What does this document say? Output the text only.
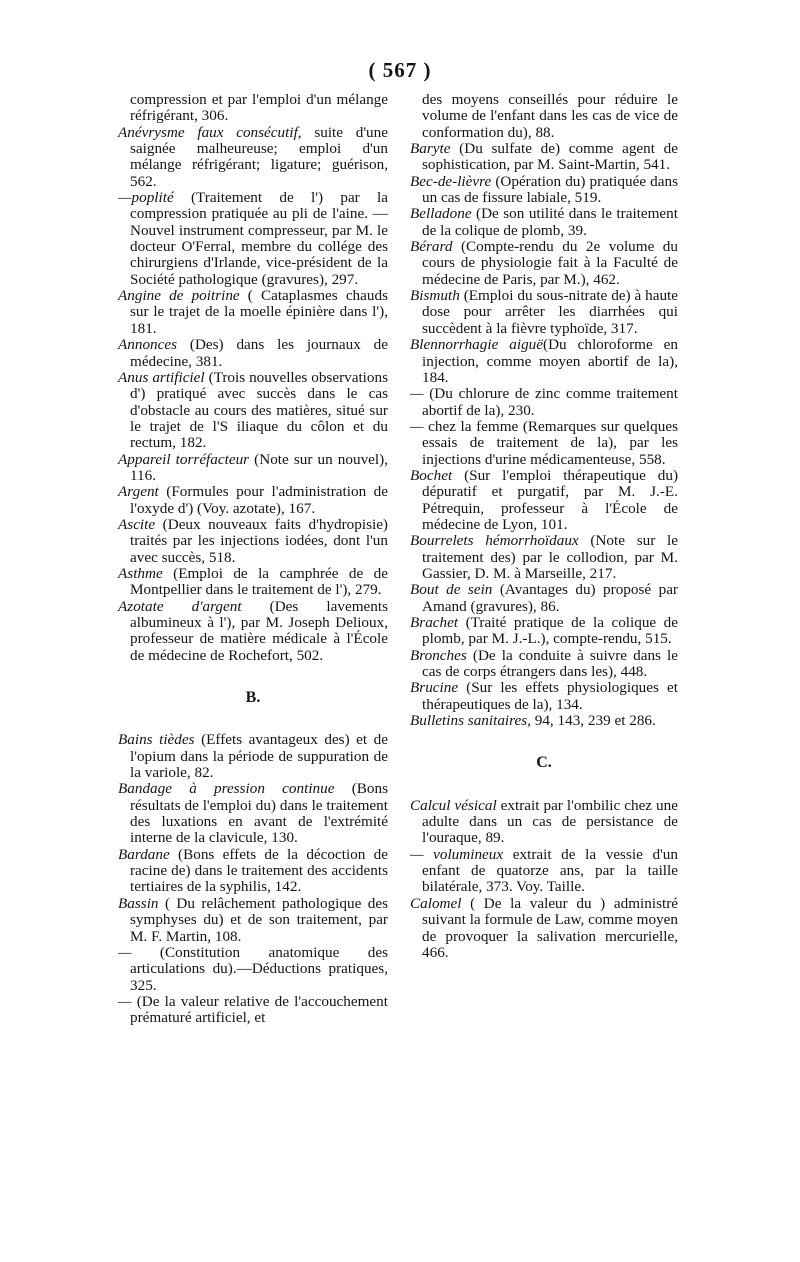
( 567 )
compression et par l'emploi d'un mélange réfrigérant, 306.
Anévrysme faux consécutif, suite d'une saignée malheureuse; emploi d'un mélange réfrigérant; ligature; guérison, 562.
—poplité (Traitement de l') par la compression pratiquée au pli de l'aine. — Nouvel instrument compresseur, par M. le docteur O'Ferral, membre du collége des chirurgiens d'Irlande, vice-président de la Société pathologique (gravures), 297.
Angine de poitrine ( Cataplasmes chauds sur le trajet de la moelle épinière dans l'), 181.
Annonces (Des) dans les journaux de médecine, 381.
Anus artificiel (Trois nouvelles observations d') pratiqué avec succès dans le cas d'obstacle au cours des matières, situé sur le trajet de l'S iliaque du côlon et du rectum, 182.
Appareil torréfacteur (Note sur un nouvel), 116.
Argent (Formules pour l'administration de l'oxyde d') (Voy. azotate), 167.
Ascite (Deux nouveaux faits d'hydropisie) traités par les injections iodées, dont l'un avec succès, 518.
Asthme (Emploi de la camphrée de de Montpellier dans le traitement de l'), 279.
Azotate d'argent (Des lavements albumineux à l'), par M. Joseph Delioux, professeur de matière médicale à l'École de médecine de Rochefort, 502.
B.
Bains tièdes (Effets avantageux des) et de l'opium dans la période de suppuration de la variole, 82.
Bandage à pression continue (Bons résultats de l'emploi du) dans le traitement des luxations en avant de l'extrémité interne de la clavicule, 130.
Bardane (Bons effets de la décoction de racine de) dans le traitement des accidents tertiaires de la syphilis, 142.
Bassin ( Du relâchement pathologique des symphyses du) et de son traitement, par M. F. Martin, 108.
— (Constitution anatomique des articulations du).—Déductions pratiques, 325.
— (De la valeur relative de l'accouchement prématuré artificiel, et
des moyens conseillés pour réduire le volume de l'enfant dans les cas de vice de conformation du), 88.
Baryte (Du sulfate de) comme agent de sophistication, par M. Saint-Martin, 541.
Bec-de-lièvre (Opération du) pratiquée dans un cas de fissure labiale, 519.
Belladone (De son utilité dans le traitement de la colique de plomb, 39.
Bérard (Compte-rendu du 2e volume du cours de physiologie fait à la Faculté de médecine de Paris, par M.), 462.
Bismuth (Emploi du sous-nitrate de) à haute dose pour arrêter les diarrhées qui succèdent à la fièvre typhoïde, 317.
Blennorrhagie aiguë(Du chloroforme en injection, comme moyen abortif de la), 184.
— (Du chlorure de zinc comme traitement abortif de la), 230.
— chez la femme (Remarques sur quelques essais de traitement de la), par les injections d'urine médicamenteuse, 558.
Bochet (Sur l'emploi thérapeutique du) dépuratif et purgatif, par M. J.-E. Pétrequin, professeur à l'École de médecine de Lyon, 101.
Bourrelets hémorrhoïdaux (Note sur le traitement des) par le collodion, par M. Gassier, D. M. à Marseille, 217.
Bout de sein (Avantages du) proposé par Amand (gravures), 86.
Brachet (Traité pratique de la colique de plomb, par M. J.-L.), compte-rendu, 515.
Bronches (De la conduite à suivre dans le cas de corps étrangers dans les), 448.
Brucine (Sur les effets physiologiques et thérapeutiques de la), 134.
Bulletins sanitaires, 94, 143, 239 et 286.
C.
Calcul vésical extrait par l'ombilic chez une adulte dans un cas de persistance de l'ouraque, 89.
— volumineux extrait de la vessie d'un enfant de quatorze ans, par la taille bilatérale, 373. Voy. Taille.
Calomel ( De la valeur du ) administré suivant la formule de Law, comme moyen de provoquer la salivation mercurielle, 466.
